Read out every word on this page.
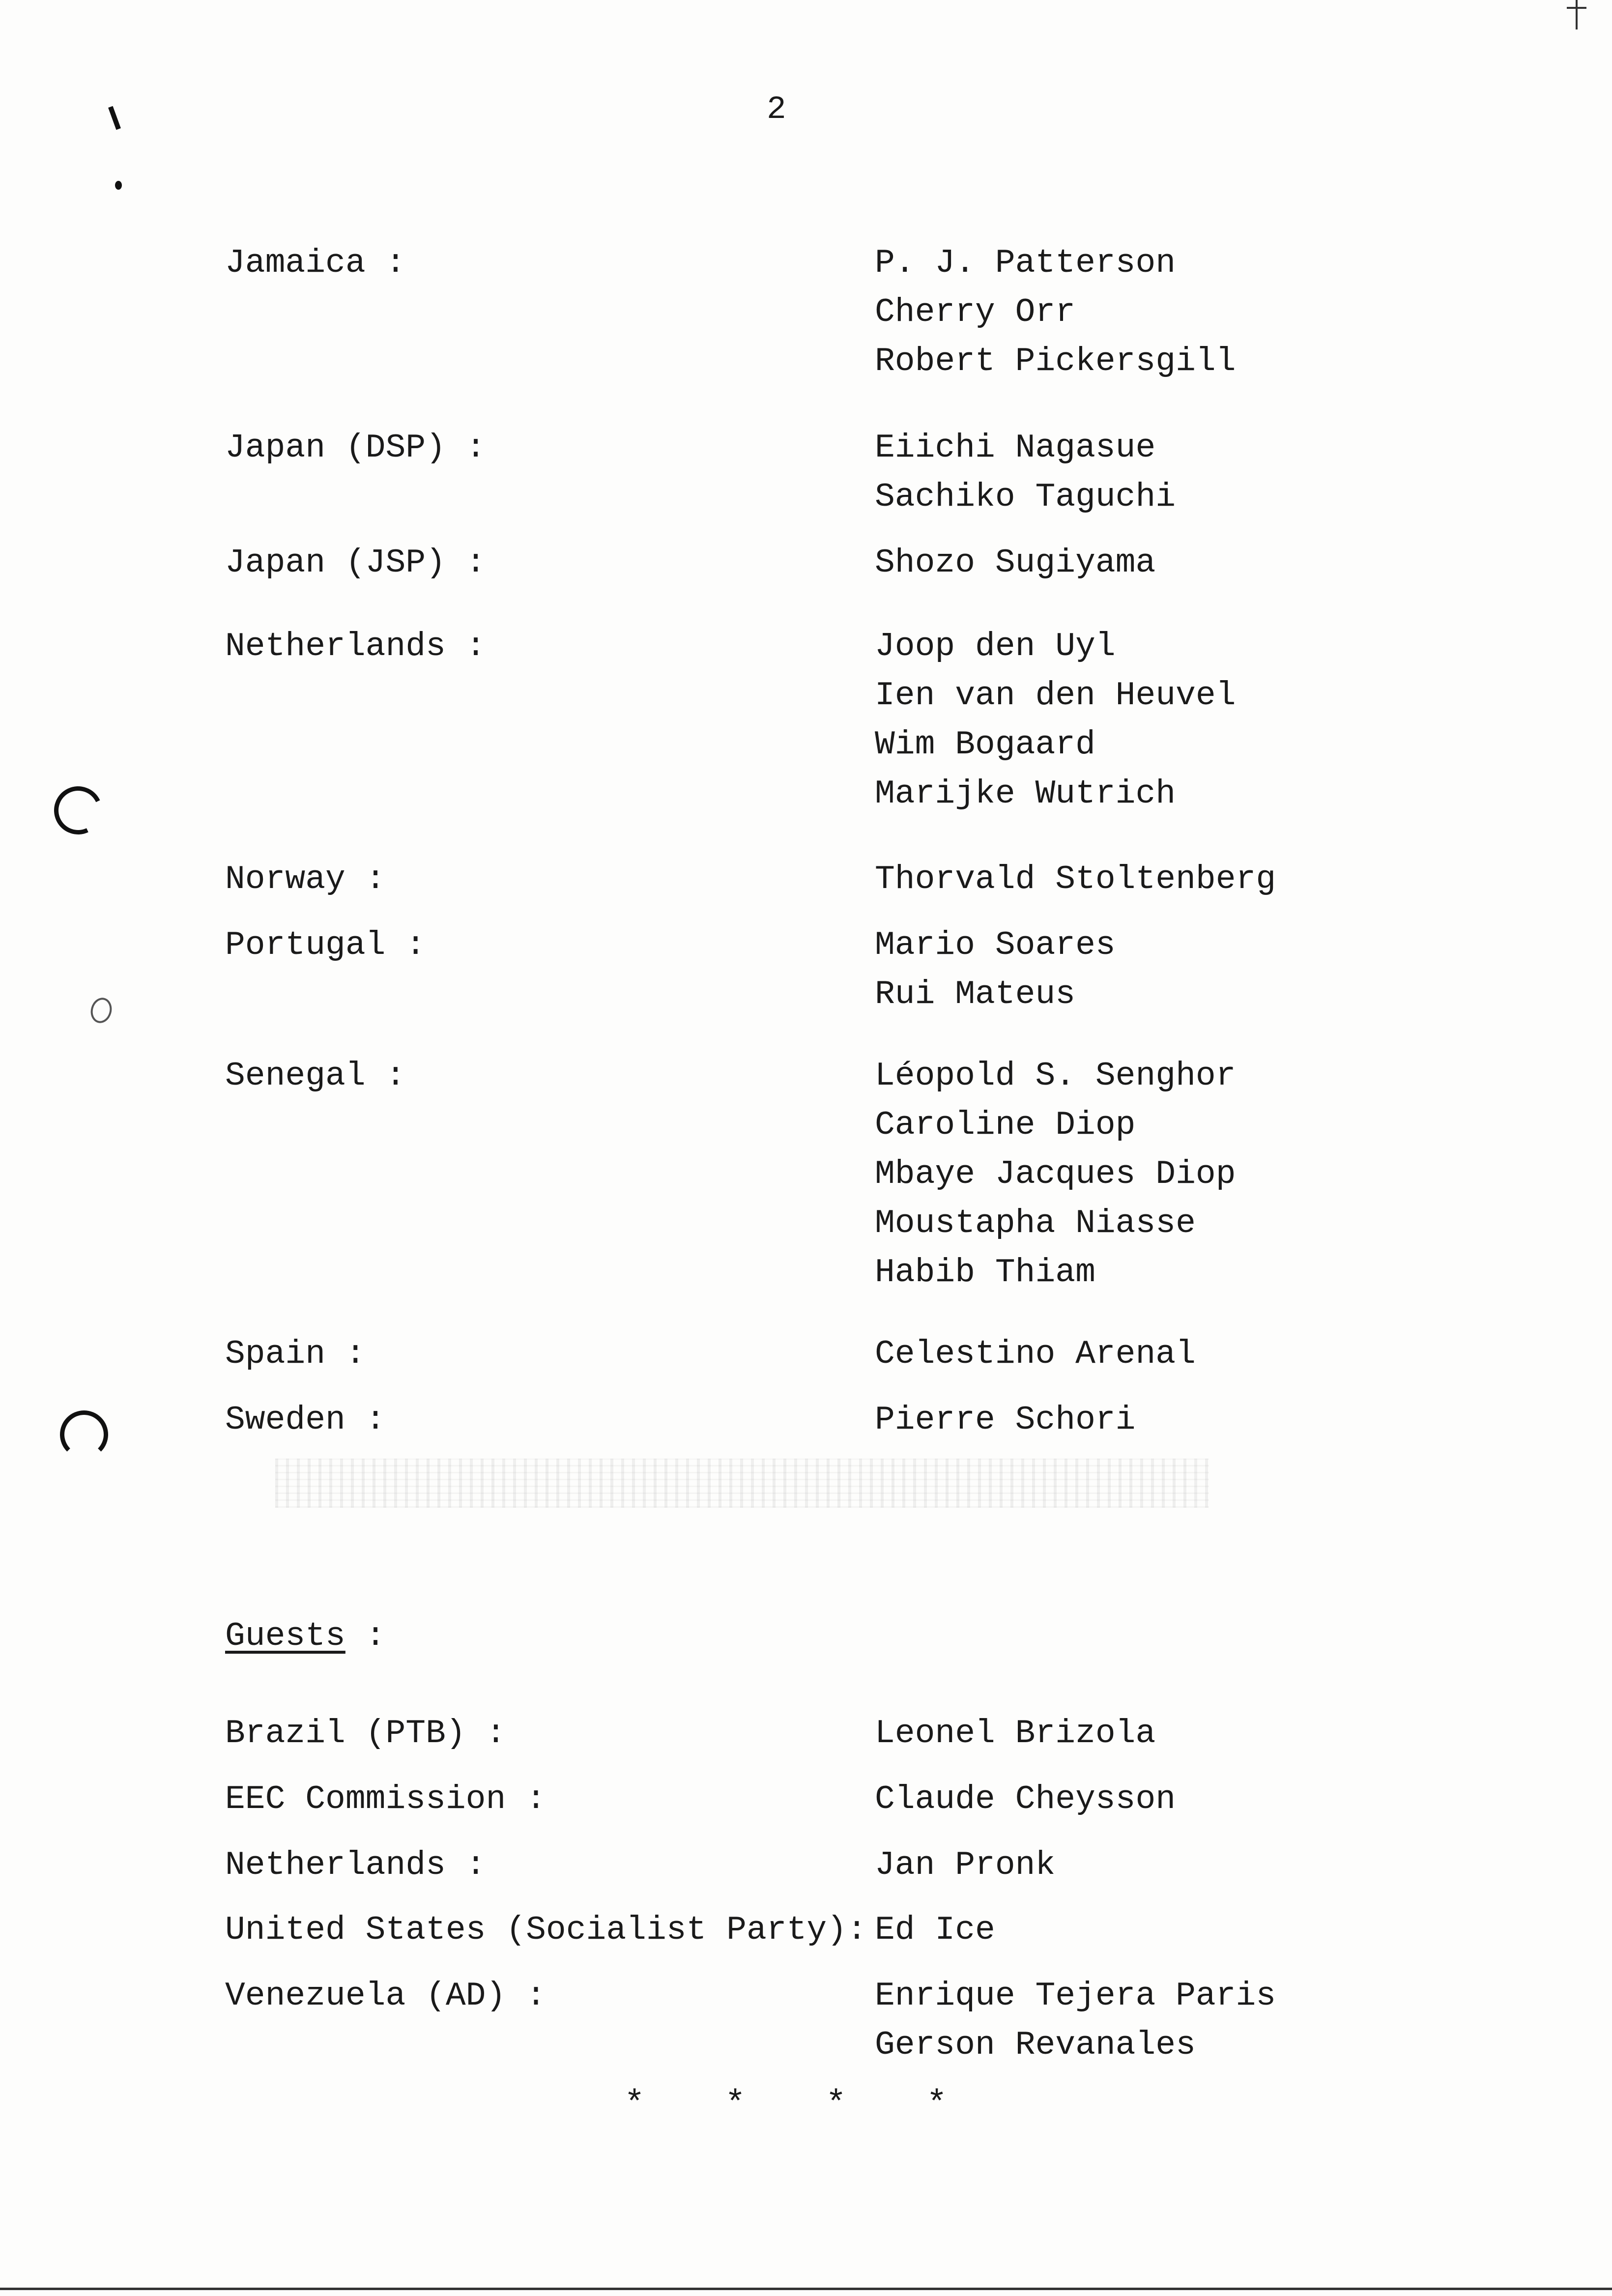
2
Jamaica :	P. J. Patterson
Cherry Orr
Robert Pickersgill
Japan (DSP) :	Eiichi Nagasue
Sachiko Taguchi
Japan (JSP) :	Shozo Sugiyama
Netherlands :	Joop den Uyl
Ien van den Heuvel
Wim Bogaard
Marijke Wutrich
Norway :	Thorvald Stoltenberg
Portugal :	Mario Soares
Rui Mateus
Senegal :	Léopold S. Senghor
Caroline Diop
Mbaye Jacques Diop
Moustapha Niasse
Habib Thiam
Spain :	Celestino Arenal
Sweden :	Pierre Schori
Guests :
Brazil (PTB) :	Leonel Brizola
EEC Commission :	Claude Cheysson
Netherlands :	Jan Pronk
United States (Socialist Party): Ed Ice
Venezuela (AD) :	Enrique Tejera Paris
Gerson Revanales
* * * *
